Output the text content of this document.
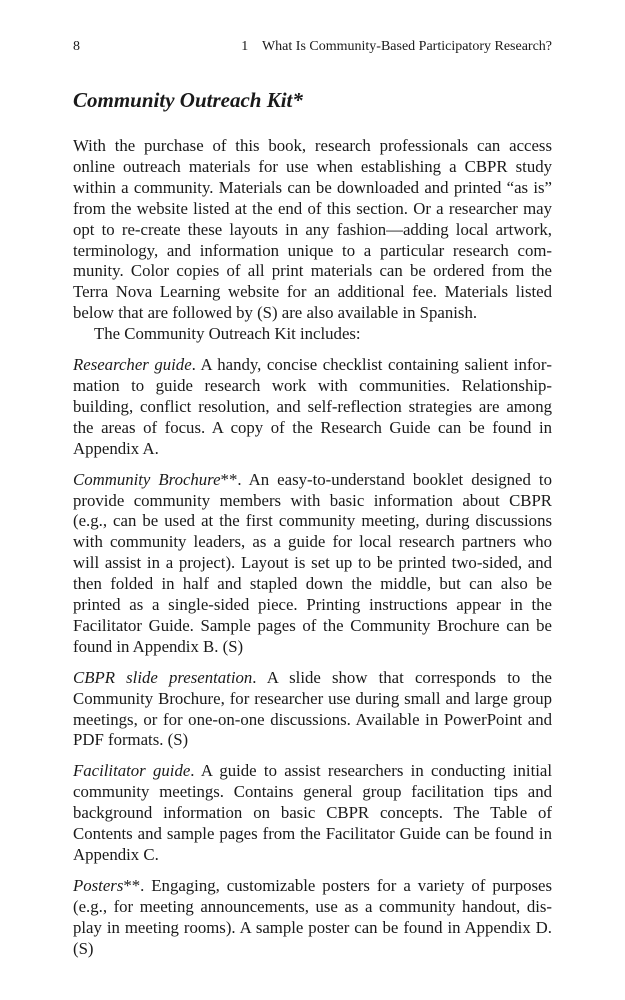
8	1    What Is Community-Based Participatory Research?
Community Outreach Kit*

With the purchase of this book, research professionals can access online outreach materials for use when establishing a CBPR study within a community. Materials can be downloaded and printed “as is” from the website listed at the end of this section. Or a researcher may opt to re-create these layouts in any fashion—adding local artwork, terminology, and information unique to a particular research community. Color copies of all print materials can be ordered from the Terra Nova Learning website for an additional fee. Materials listed below that are followed by (S) are also available in Spanish.

The Community Outreach Kit includes:

Researcher guide. A handy, concise checklist containing salient information to guide research work with communities. Relationship-building, conflict resolution, and self-reflection strategies are among the areas of focus. A copy of the Research Guide can be found in Appendix A.

Community Brochure**. An easy-to-understand booklet designed to provide community members with basic information about CBPR (e.g., can be used at the first community meeting, during discussions with community leaders, as a guide for local research partners who will assist in a project). Layout is set up to be printed two-sided, and then folded in half and stapled down the middle, but can also be printed as a single-sided piece. Printing instructions appear in the Facilitator Guide. Sample pages of the Community Brochure can be found in Appendix B. (S)

CBPR slide presentation. A slide show that corresponds to the Community Brochure, for researcher use during small and large group meetings, or for one-on-one discussions. Available in PowerPoint and PDF formats. (S)

Facilitator guide. A guide to assist researchers in conducting initial community meetings. Contains general group facilitation tips and background information on basic CBPR concepts. The Table of Contents and sample pages from the Facilitator Guide can be found in Appendix C.

Posters**. Engaging, customizable posters for a variety of purposes (e.g., for meeting announcements, use as a community handout, display in meeting rooms). A sample poster can be found in Appendix D. (S)
